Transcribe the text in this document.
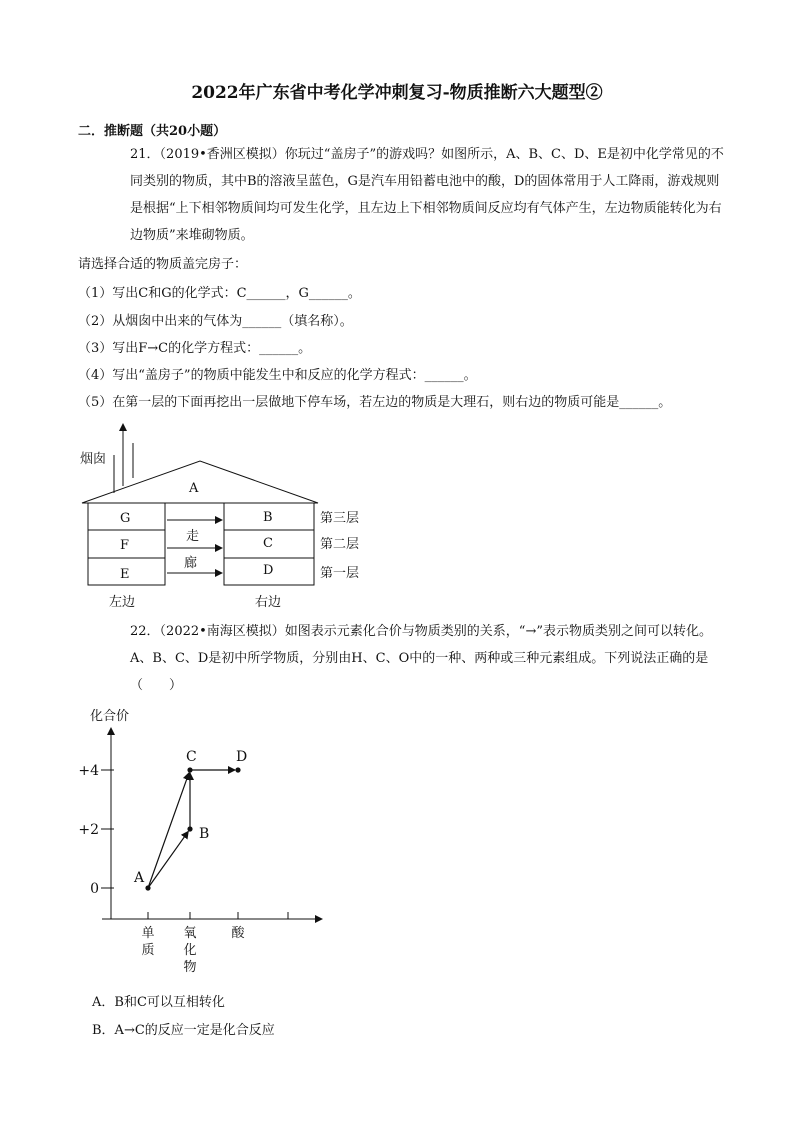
2022年广东省中考化学冲刺复习-物质推断六大题型②
二．推断题（共20小题）
21．（2019•香洲区模拟）你玩过“盖房子”的游戏吗？如图所示，A、B、C、D、E是初中化学常见的不同类别的物质，其中B的溶液呈蓝色，G是汽车用铅蓄电池中的酸，D的固体常用于人工降雨，游戏规则是根据“上下相邻物质间均可发生化学，且左边上下相邻物质间反应均有气体产生，左边物质能转化为右边物质”来堆砌物质。
请选择合适的物质盖完房子：
（1）写出C和G的化学式：C______，G______。
（2）从烟囱中出来的气体为______（填名称）。
（3）写出F→C的化学方程式：______。
（4）写出“盖房子”的物质中能发生中和反应的化学方程式：______。
（5）在第一层的下面再挖出一层做地下停车场，若左边的物质是大理石，则右边的物质可能是______。
烟囱
A
G
F
E
B
C
D
走
廊
第三层
第二层
第一层
左边	右边
22．（2022•南海区模拟）如图表示元素化合价与物质类别的关系，“→”表示物质类别之间可以转化。A、B、C、D是初中所学物质，分别由H、C、O中的一种、两种或三种元素组成。下列说法正确的是（　　）
化合价
+4
+2
0
单质
氧化物
酸
A
B
C	D
A．B和C可以互相转化
B．A→C的反应一定是化合反应
